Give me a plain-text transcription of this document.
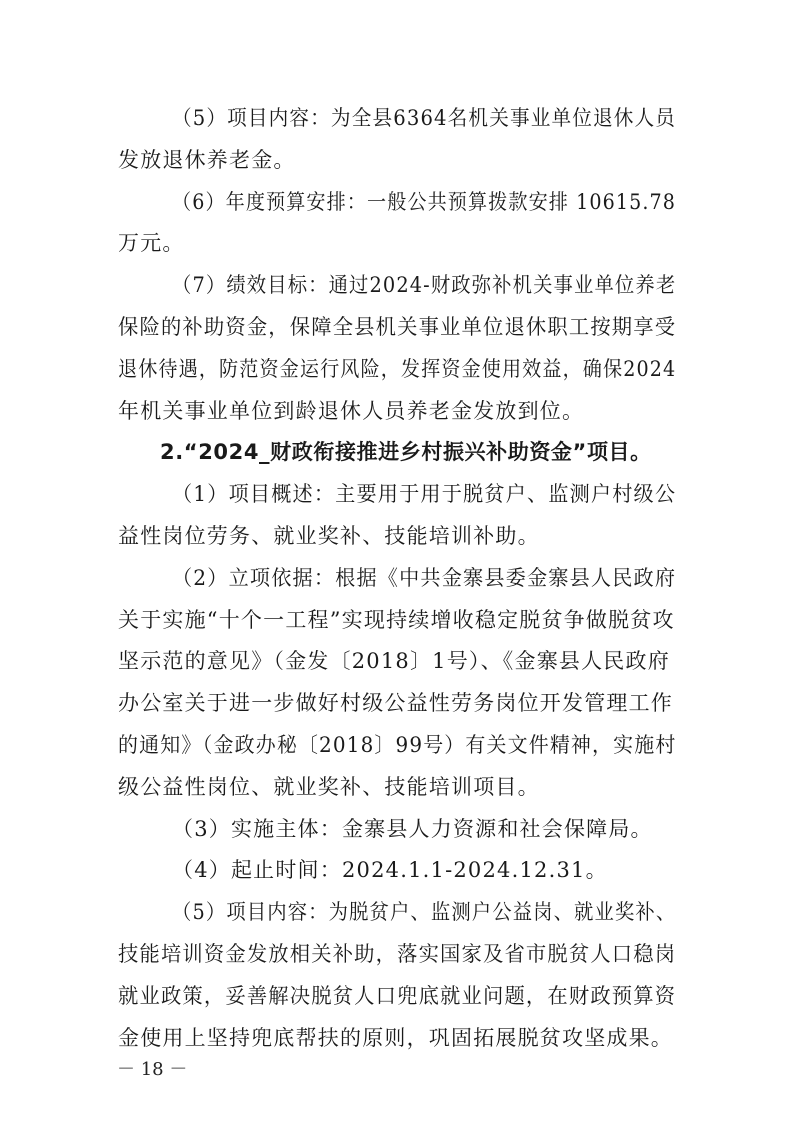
（5）项目内容：为全县6364名机关事业单位退休人员
发放退休养老金。
（6）年度预算安排：一般公共预算拨款安排 10615.78
万元。
（7）绩效目标：通过2024-财政弥补机关事业单位养老
保险的补助资金，保障全县机关事业单位退休职工按期享受
退休待遇，防范资金运行风险，发挥资金使用效益，确保2024
年机关事业单位到龄退休人员养老金发放到位。
2.“2024_财政衔接推进乡村振兴补助资金”项目。
（1）项目概述：主要用于用于脱贫户、监测户村级公
益性岗位劳务、就业奖补、技能培训补助。
（2）立项依据：根据《中共金寨县委金寨县人民政府
关于实施“十个一工程”实现持续增收稳定脱贫争做脱贫攻
坚示范的意见》（金发〔2018〕1号）、《金寨县人民政府
办公室关于进一步做好村级公益性劳务岗位开发管理工作
的通知》（金政办秘〔2018〕99号）有关文件精神，实施村
级公益性岗位、就业奖补、技能培训项目。
（3）实施主体：金寨县人力资源和社会保障局。
（4）起止时间：2024.1.1-2024.12.31。
（5）项目内容：为脱贫户、监测户公益岗、就业奖补、
技能培训资金发放相关补助，落实国家及省市脱贫人口稳岗
就业政策，妥善解决脱贫人口兜底就业问题，在财政预算资
金使用上坚持兜底帮扶的原则，巩固拓展脱贫攻坚成果。
－ 18 －
